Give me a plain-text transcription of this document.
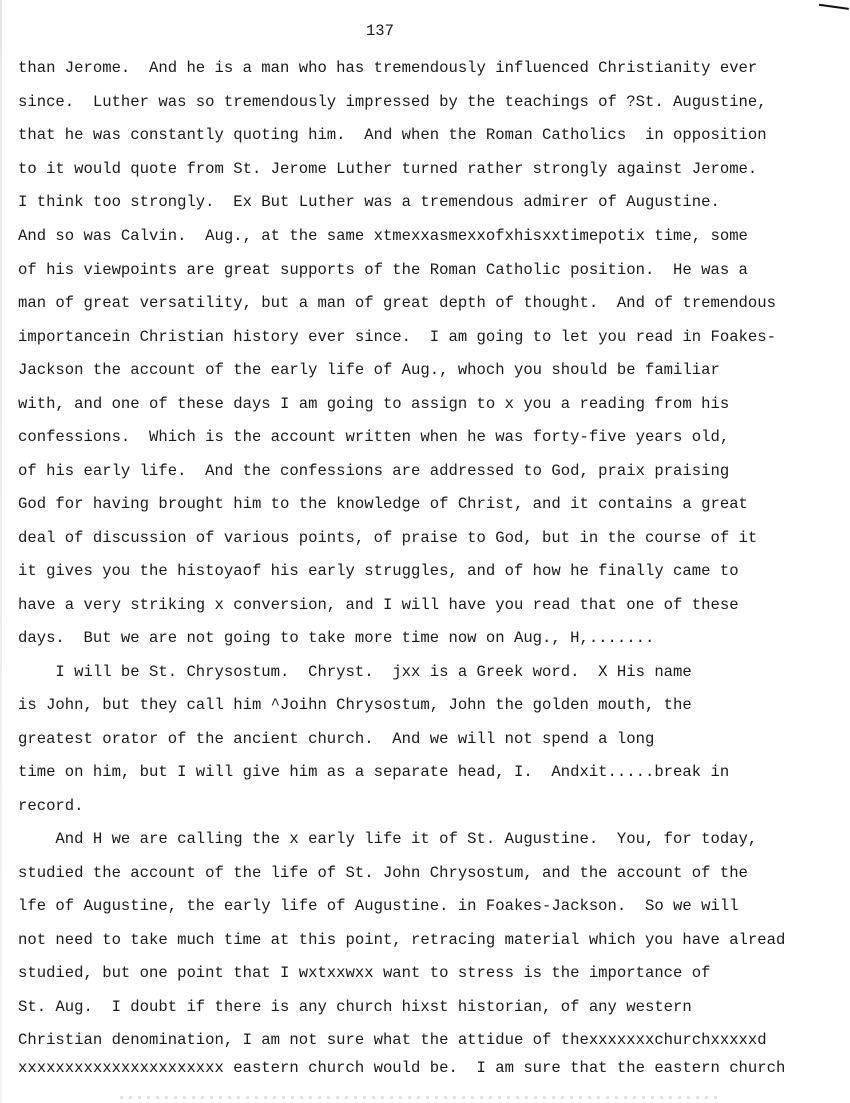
137
than Jerome.  And he is a man who has tremendously influenced Christianity ever
since.  Luther was so tremendously impressed by the teachings of ?St. Augustine,
that he was constantly quoting him.  And when the Roman Catholics  in opposition
to it would quote from St. Jerome Luther turned rather strongly against Jerome.
I think too strongly.  Ex But Luther was a tremendous admirer of Augustine.
And so was Calvin.  Aug., at the same xtmexxasmexxofxhisxxtimepotix time, some
of his viewpoints are great supports of the Roman Catholic position.  He was a
man of great versatility, but a man of great depth of thought.  And of tremendous
importancein Christian history ever since.  I am going to let you read in Foakes-
Jackson the account of the early life of Aug., whoch you should be familiar
with, and one of these days I am going to assign to x you a reading from his
confessions.  Which is the account written when he was forty-five years old,
of his early life.  And the confessions are addressed to God, praix praising
God for having brought him to the knowledge of Christ, and it contains a great
deal of discussion of various points, of praise to God, but in the course of it
it gives you the histoyaof his early struggles, and of how he finally came to
have a very striking x conversion, and I will have you read that one of these
days.  But we are not going to take more time now on Aug., H,.......
I will be St. Chrysostum.  Chryst.  jxx is a Greek word.  X His name
is John, but they call him ^Joihn Chrysostum, John the golden mouth, the
greatest orator of the ancient church.  And we will not spend a long
time on him, but I will give him as a separate head, I.  Andxit.....break in
record.
And H we are calling the x early life it of St. Augustine.  You, for today,
studied the account of the life of St. John Chrysostum, and the account of the
lfe of Augustine, the early life of Augustine. in Foakes-Jackson.  So we will
not need to take much time at this point, retracing material which you have alread
studied, but one point that I wxtxxwxx want to stress is the importance of
St. Aug.  I doubt if there is any church hixst historian, of any western
Christian denomination, I am not sure what the attidue of thexxxxxxxchurchxxxxxd
xxxxxxxxxxxxxxxxxxxxxx eastern church would be.  I am sure that the eastern church
